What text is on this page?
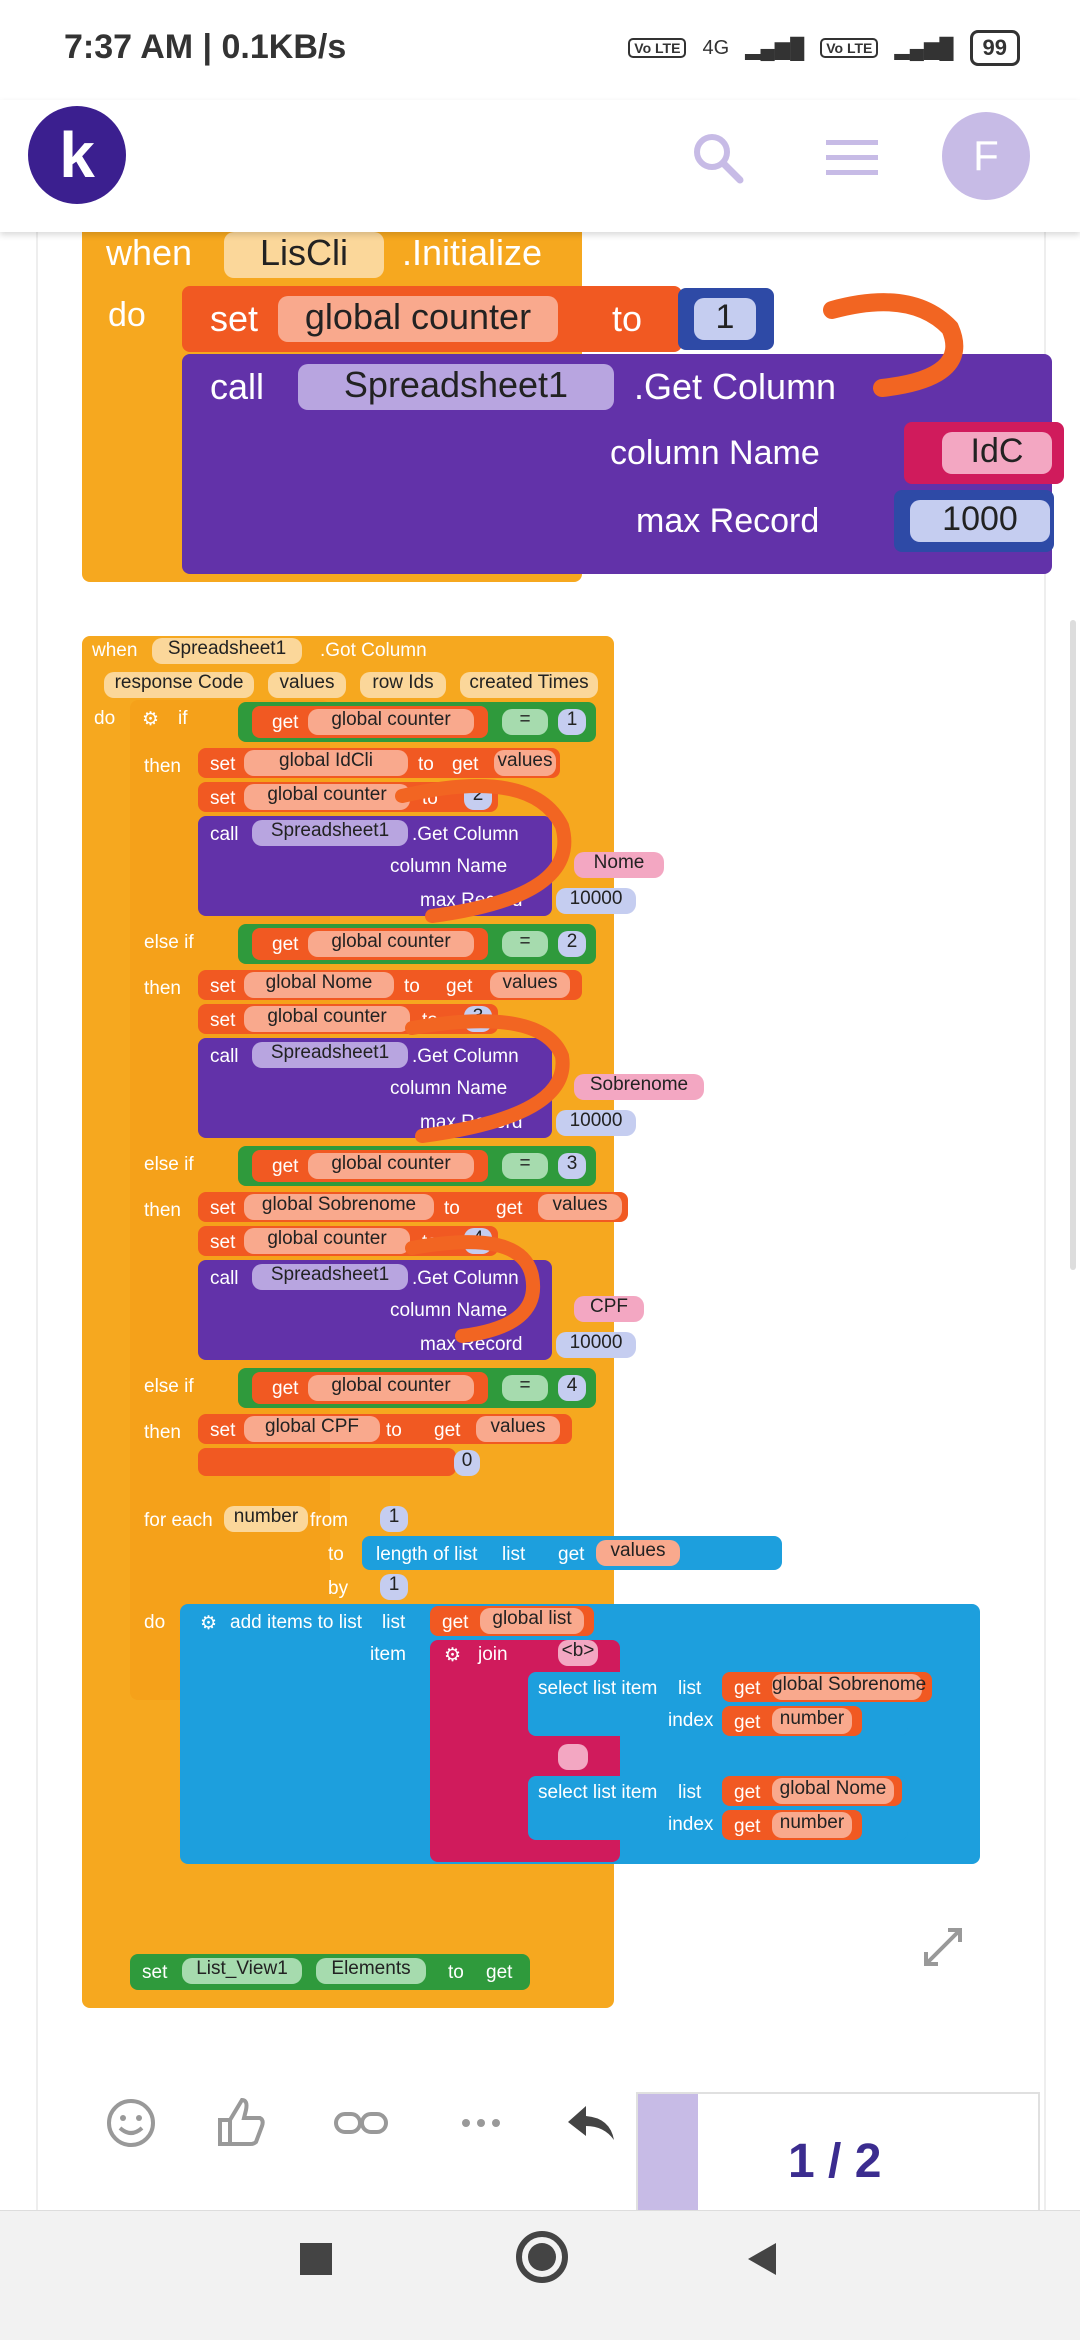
7:37 AM | 0.1KB/s	Vo LTE	4G ▂▄▆█	Vo LTE	▂▄▆█	99
k	F
when	LisCli	.Initialize
do set	global counter	to	1
call	Spreadsheet1	.Get Column
column Name	IdC
max Record	1000
when	Spreadsheet1	.Got Column
response Code	values	row Ids	created Times
do ⚙ if	get	global counter	=	1
then set	global IdCli	to get values
set	global counter	to	2
call	Spreadsheet1	.Get Column
column Name	Nome
max Record	10000
else if	get	global counter	=	2
then set	global Nome	to get	values
set	global counter	to	3
call	Spreadsheet1	.Get Column
column Name	Sobrenome
max Record	10000
else if	get	global counter	=	3
then set	global Sobrenome	to get	values
set	global counter	to	4
call	Spreadsheet1	.Get Column
column Name	CPF
max Record	10000
else if	get	global counter	=	4
then set	global CPF	to get	values
0
for each	number from	1
to length of list list get	values
by	1
do ⚙ add items to list list get	global list
item ⚙ join	<b>
select list item list get global Sobrenome
index get	number
select list item list get	global Nome
index get	number
set	List_View1	Elements	to get
1 / 2
